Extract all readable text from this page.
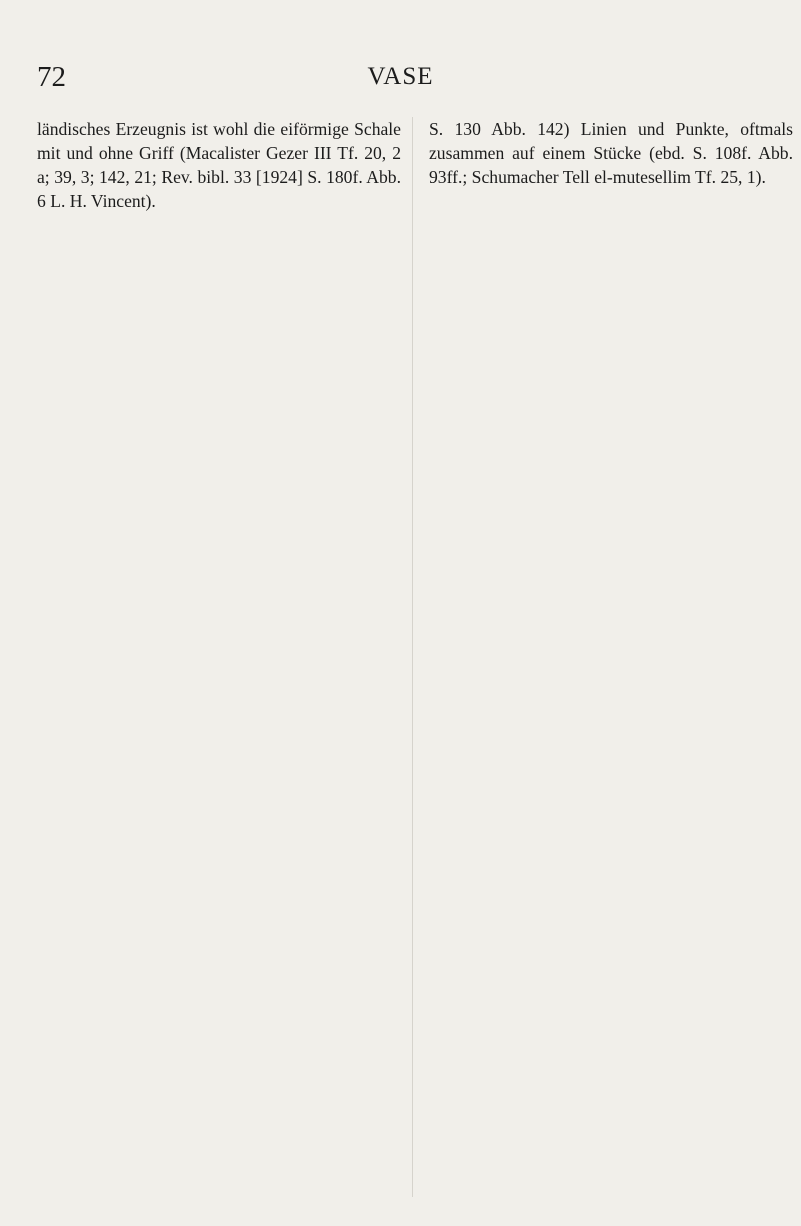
72	VASE

ländisches Erzeugnis ist wohl die eiförmige Schale mit und ohne Griff (Macalister Gezer III Tf. 20, 2 a; 39, 3; 142, 21; Rev. bibl. 33 [1924] S. 180f. Abb. 6 L. H. Vincent).

S. 130 Abb. 142) Linien und Punkte, oftmals zusammen auf einem Stücke (ebd. S. 108f. Abb. 93ff.; Schumacher Tell el-mutesellim Tf. 25, 1).
